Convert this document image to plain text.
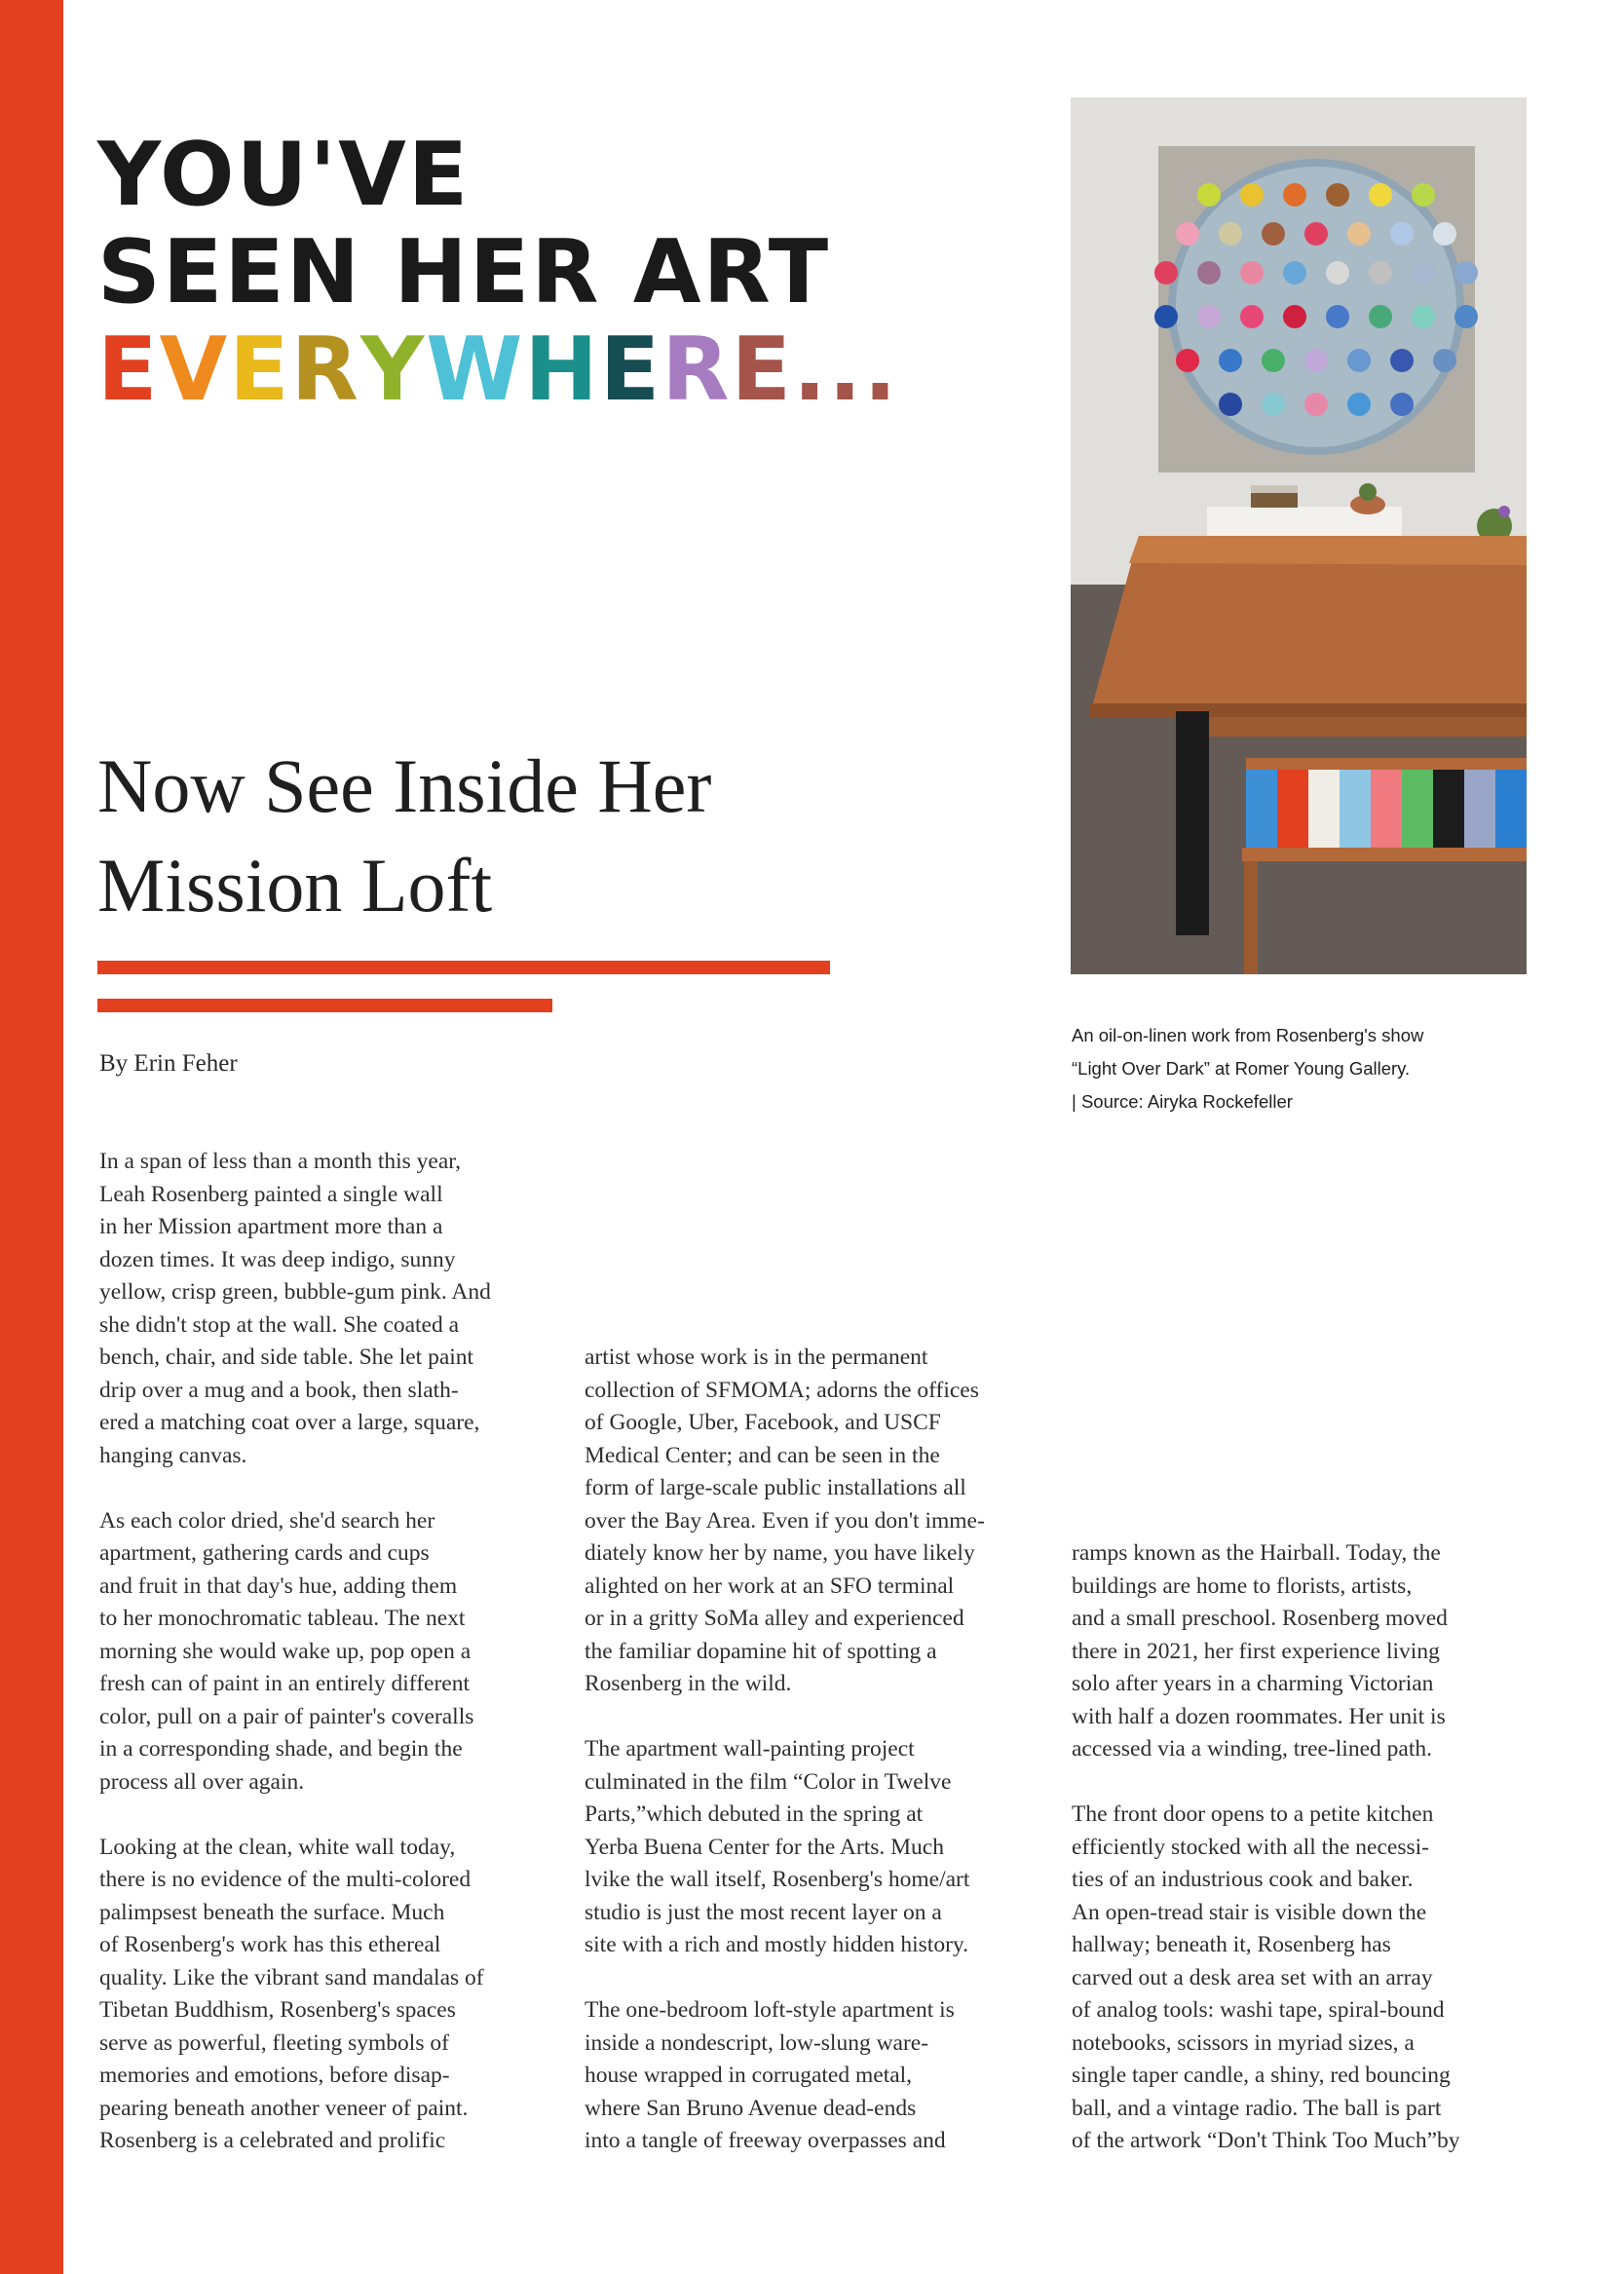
YOU'VE
SEEN HER ART
EVERYWHERE...
Now See Inside Her
Mission Loft
By Erin Feher

An oil-on-linen work from Rosenberg's show

“Light Over Dark” at Romer Young Gallery.

| Source: Airyka Rockefeller

In a span of less than a month this year,
Leah Rosenberg painted a single wall
in her Mission apartment more than a
dozen times. It was deep indigo, sunny
yellow, crisp green, bubble-gum pink. And
she didn't stop at the wall. She coated a
bench, chair, and side table. She let paint
drip over a mug and a book, then slath-
ered a matching coat over a large, square,
hanging canvas.

As each color dried, she'd search her
apartment, gathering cards and cups
and fruit in that day's hue, adding them
to her monochromatic tableau. The next
morning she would wake up, pop open a
fresh can of paint in an entirely different
color, pull on a pair of painter's coveralls
in a corresponding shade, and begin the
process all over again.

Looking at the clean, white wall today,
there is no evidence of the multi-colored
palimpsest beneath the surface. Much
of Rosenberg's work has this ethereal
quality. Like the vibrant sand mandalas of
Tibetan Buddhism, Rosenberg's spaces
serve as powerful, fleeting symbols of
memories and emotions, before disap-
pearing beneath another veneer of paint.
Rosenberg is a celebrated and prolific

artist whose work is in the permanent
collection of SFMOMA; adorns the offices
of Google, Uber, Facebook, and USCF
Medical Center; and can be seen in the
form of large-scale public installations all
over the Bay Area. Even if you don't imme-
diately know her by name, you have likely
alighted on her work at an SFO terminal
or in a gritty SoMa alley and experienced
the familiar dopamine hit of spotting a
Rosenberg in the wild.

The apartment wall-painting project
culminated in the film “Color in Twelve
Parts,”which debuted in the spring at
Yerba Buena Center for the Arts. Much
lvike the wall itself, Rosenberg's home/art
studio is just the most recent layer on a
site with a rich and mostly hidden history.

The one-bedroom loft-style apartment is
inside a nondescript, low-slung ware-
house wrapped in corrugated metal,
where San Bruno Avenue dead-ends
into a tangle of freeway overpasses and

ramps known as the Hairball. Today, the
buildings are home to florists, artists,
and a small preschool. Rosenberg moved
there in 2021, her first experience living
solo after years in a charming Victorian
with half a dozen roommates. Her unit is
accessed via a winding, tree-lined path.

The front door opens to a petite kitchen
efficiently stocked with all the necessi-
ties of an industrious cook and baker.
An open-tread stair is visible down the
hallway; beneath it, Rosenberg has
carved out a desk area set with an array
of analog tools: washi tape, spiral-bound
notebooks, scissors in myriad sizes, a
single taper candle, a shiny, red bouncing
ball, and a vintage radio. The ball is part
of the artwork “Don't Think Too Much”by
